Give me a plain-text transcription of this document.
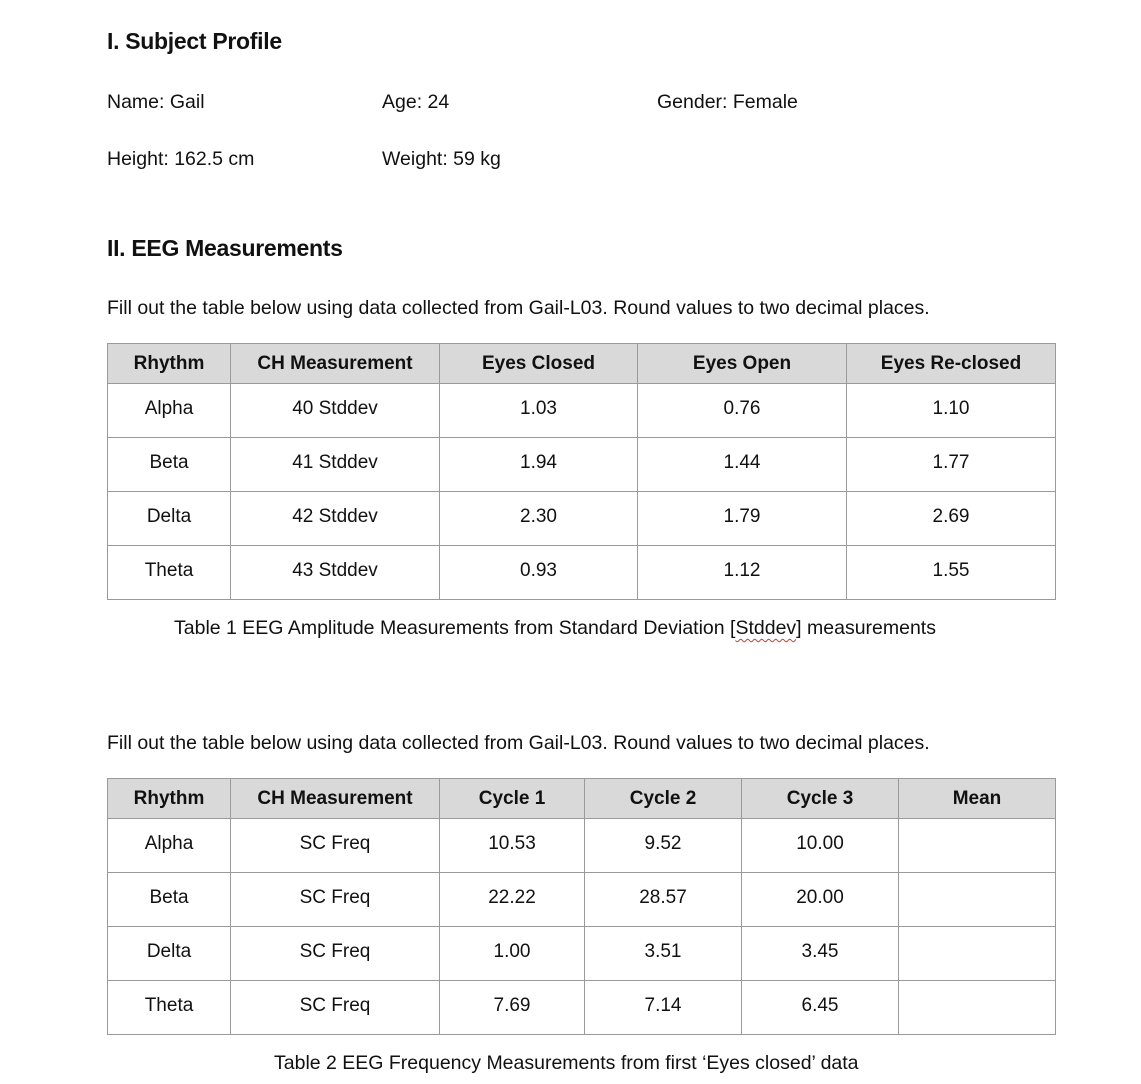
I. Subject Profile
Name: Gail	Age: 24	Gender: Female
Height: 162.5 cm	Weight: 59 kg
II. EEG Measurements
Fill out the table below using data collected from Gail-L03. Round values to two decimal places.
Rhythm	CH Measurement	Eyes Closed	Eyes Open	Eyes Re-closed
Alpha	40 Stddev	1.03	0.76	1.10
Beta	41 Stddev	1.94	1.44	1.77
Delta	42 Stddev	2.30	1.79	2.69
Theta	43 Stddev	0.93	1.12	1.55
Table 1 EEG Amplitude Measurements from Standard Deviation [Stddev] measurements
Fill out the table below using data collected from Gail-L03. Round values to two decimal places.
Rhythm	CH Measurement	Cycle 1	Cycle 2	Cycle 3	Mean
Alpha	SC Freq	10.53	9.52	10.00	
Beta	SC Freq	22.22	28.57	20.00	
Delta	SC Freq	1.00	3.51	3.45	
Theta	SC Freq	7.69	7.14	6.45	
Table 2 EEG Frequency Measurements from first ‘Eyes closed’ data
